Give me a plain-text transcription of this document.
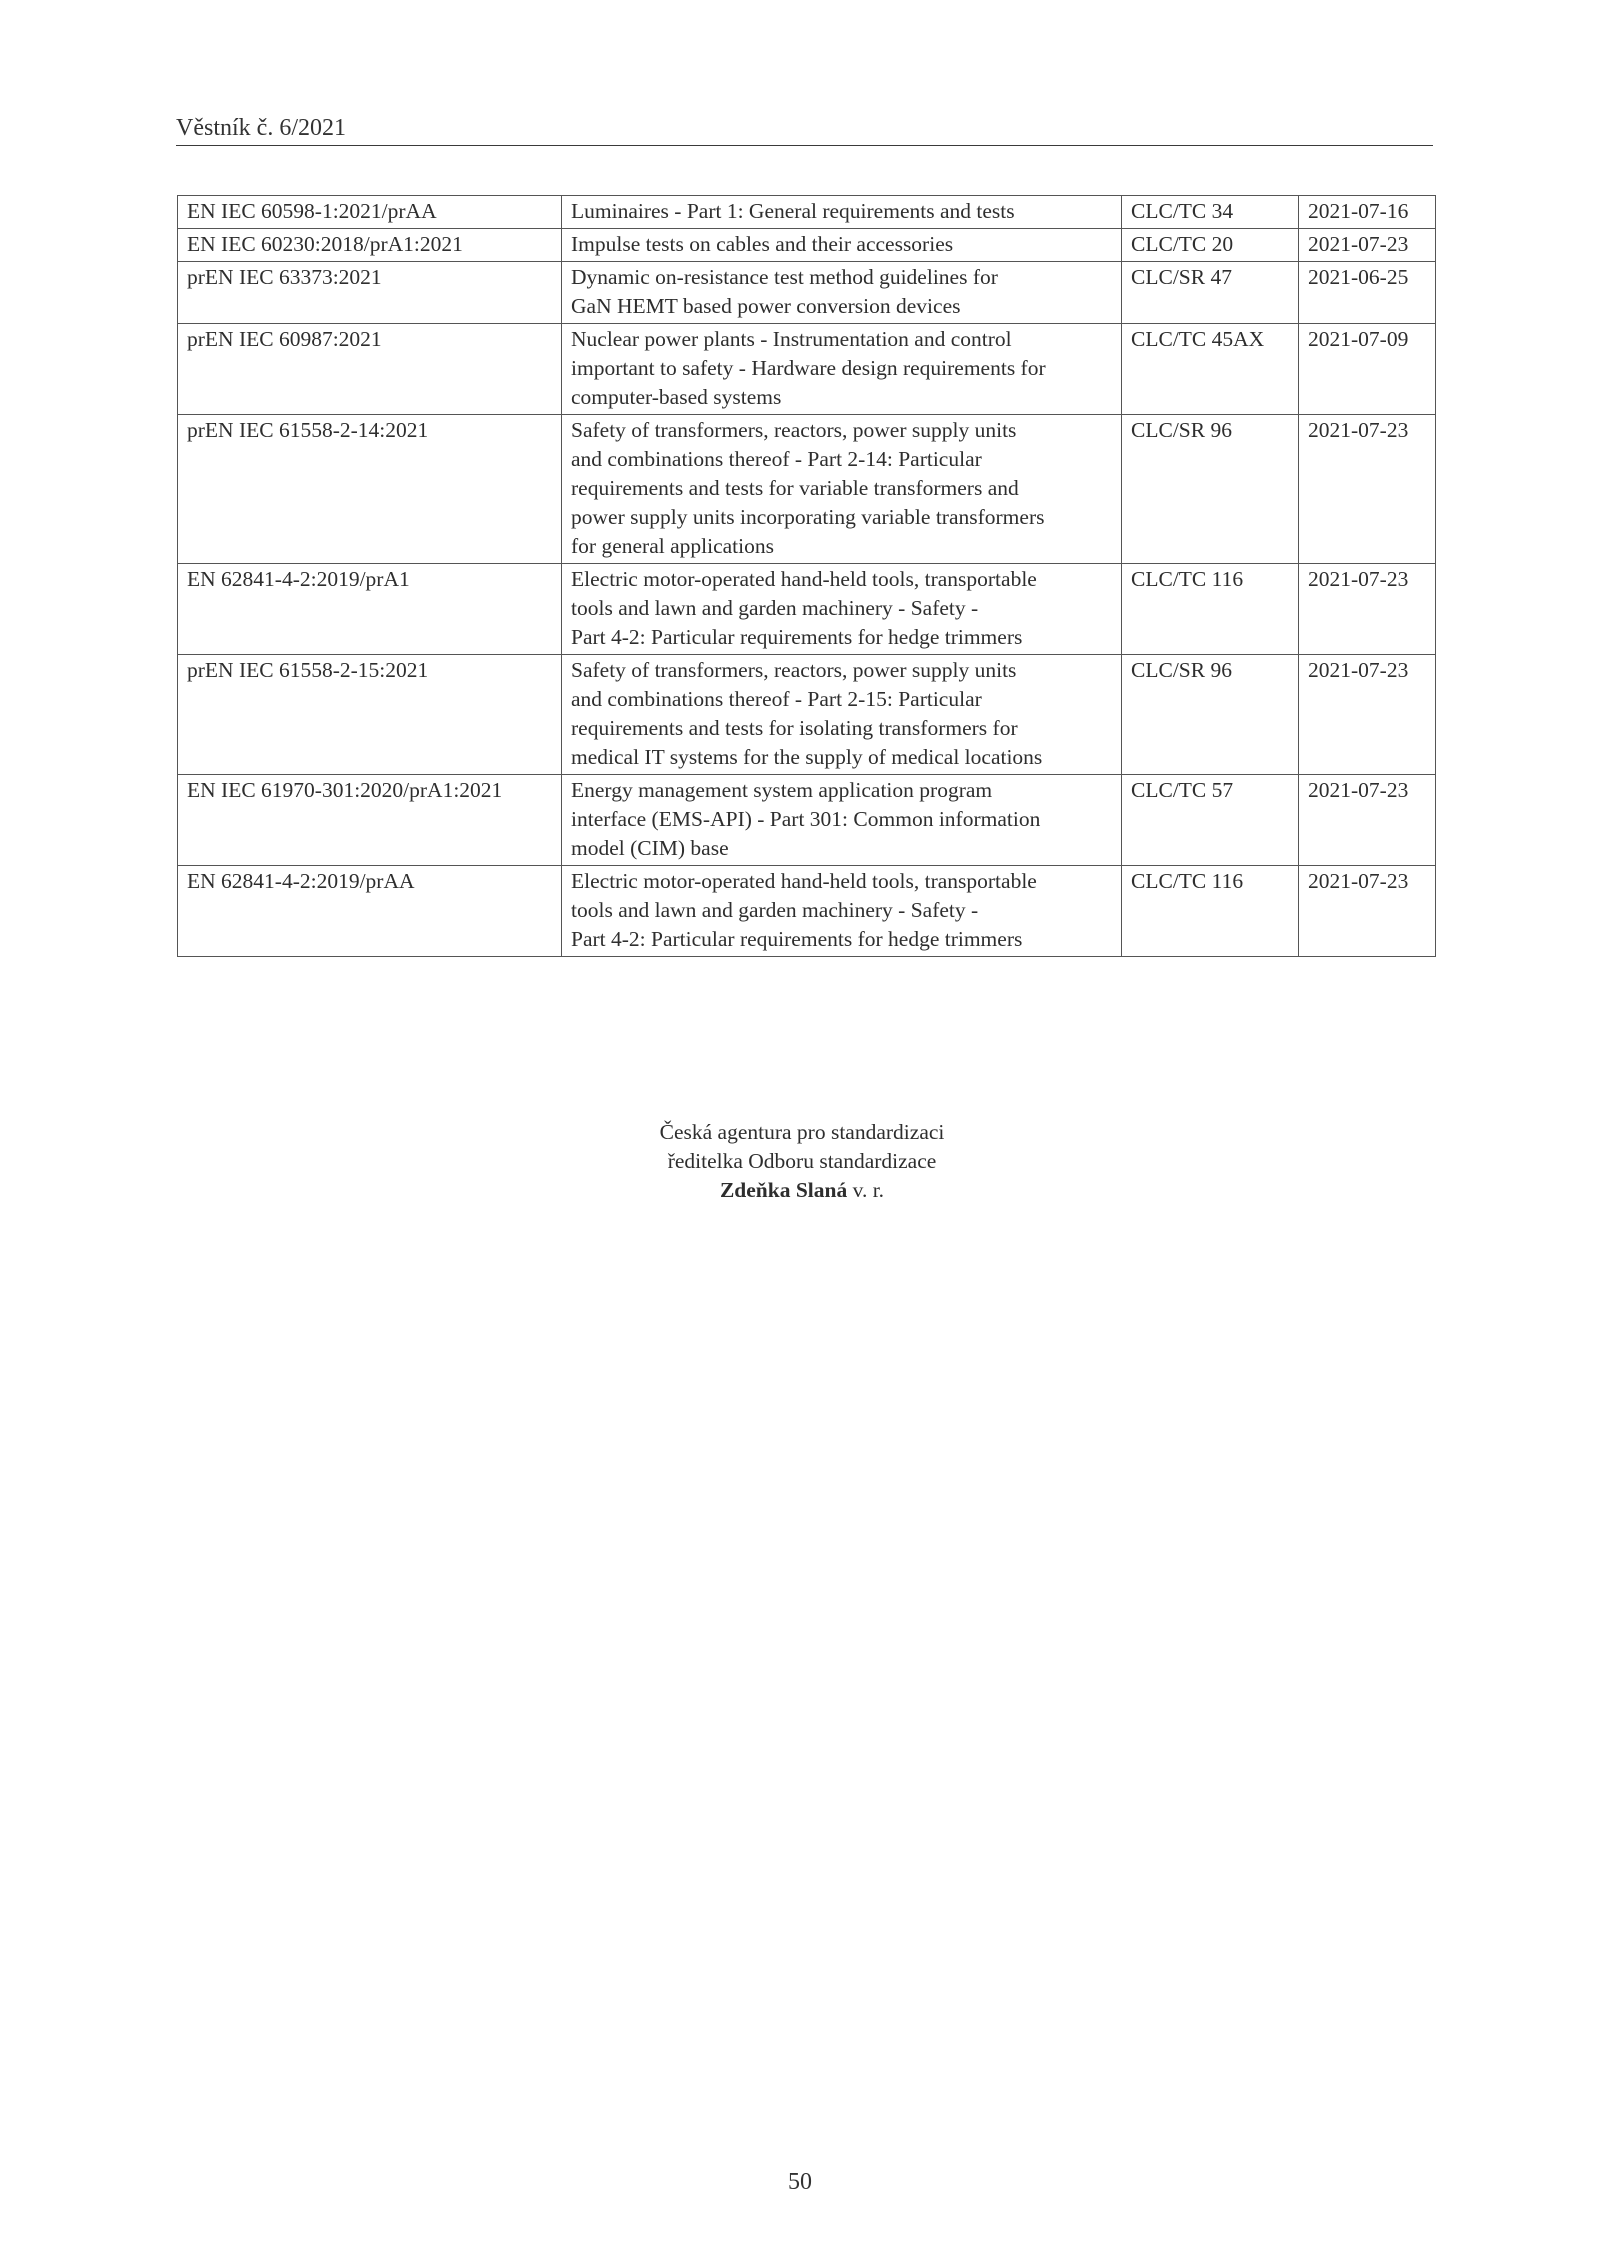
Věstník č. 6/2021
EN IEC 60598-1:2021/prAA	Luminaires - Part 1: General requirements and tests	CLC/TC 34	2021-07-16
EN IEC 60230:2018/prA1:2021	Impulse tests on cables and their accessories	CLC/TC 20	2021-07-23
prEN IEC 63373:2021	Dynamic on-resistance test method guidelines for
GaN HEMT based power conversion devices	CLC/SR 47	2021-06-25
prEN IEC 60987:2021	Nuclear power plants - Instrumentation and control
important to safety - Hardware design requirements for
computer-based systems	CLC/TC 45AX	2021-07-09
prEN IEC 61558-2-14:2021	Safety of transformers, reactors, power supply units
and combinations thereof - Part 2-14: Particular
requirements and tests for variable transformers and
power supply units incorporating variable transformers
for general applications	CLC/SR 96	2021-07-23
EN 62841-4-2:2019/prA1	Electric motor-operated hand-held tools, transportable
tools and lawn and garden machinery - Safety -
Part 4-2: Particular requirements for hedge trimmers	CLC/TC 116	2021-07-23
prEN IEC 61558-2-15:2021	Safety of transformers, reactors, power supply units
and combinations thereof - Part 2-15: Particular
requirements and tests for isolating transformers for
medical IT systems for the supply of medical locations	CLC/SR 96	2021-07-23
EN IEC 61970-301:2020/prA1:2021	Energy management system application program
interface (EMS-API) - Part 301: Common information
model (CIM) base	CLC/TC 57	2021-07-23
EN 62841-4-2:2019/prAA	Electric motor-operated hand-held tools, transportable
tools and lawn and garden machinery - Safety -
Part 4-2: Particular requirements for hedge trimmers	CLC/TC 116	2021-07-23
Česká agentura pro standardizaci
ředitelka Odboru standardizace
Zdeňka Slaná v. r.
50
